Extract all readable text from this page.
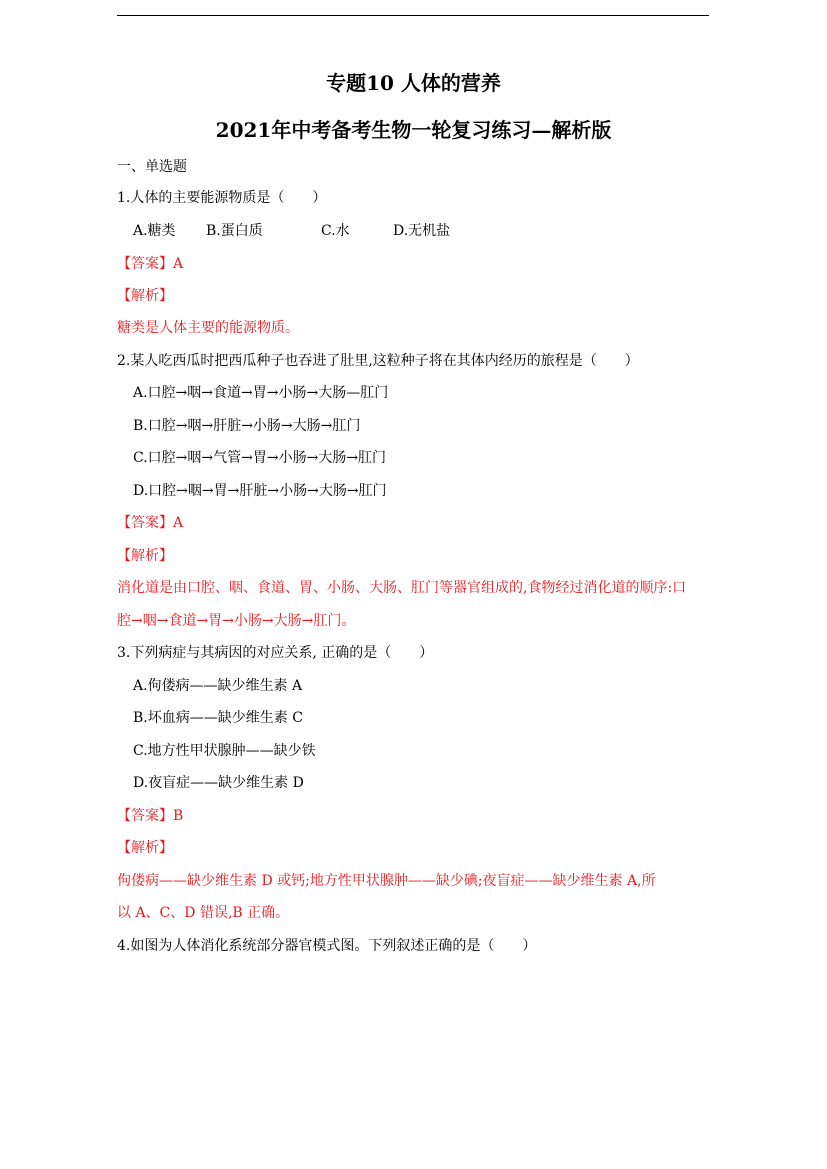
专题10 人体的营养
2021年中考备考生物一轮复习练习—解析版
一、单选题
1.人体的主要能源物质是（　　）
A.糖类 B.蛋白质	C.水	D.无机盐
【答案】A
【解析】
糖类是人体主要的能源物质。
2.某人吃西瓜时把西瓜种子也吞进了肚里,这粒种子将在其体内经历的旅程是（　　）
A.口腔→咽→食道→胃→小肠→大肠—肛门
B.口腔→咽→肝脏→小肠→大肠→肛门
C.口腔→咽→气管→胃→小肠→大肠→肛门
D.口腔→咽→胃→肝脏→小肠→大肠→肛门
【答案】A
【解析】
消化道是由口腔、咽、食道、胃、小肠、大肠、肛门等器官组成的,食物经过消化道的顺序:口
腔→咽→食道→胃→小肠→大肠→肛门。
3.下列病症与其病因的对应关系, 正确的是（　　）
A.佝偻病——缺少维生素 A
B.坏血病——缺少维生素 C
C.地方性甲状腺肿——缺少铁
D.夜盲症——缺少维生素 D
【答案】B
【解析】
佝偻病——缺少维生素 D 或钙;地方性甲状腺肿——缺少碘;夜盲症——缺少维生素 A,所
以 A、C、D 错误,B 正确。
4.如图为人体消化系统部分器官模式图。下列叙述正确的是（　　）
